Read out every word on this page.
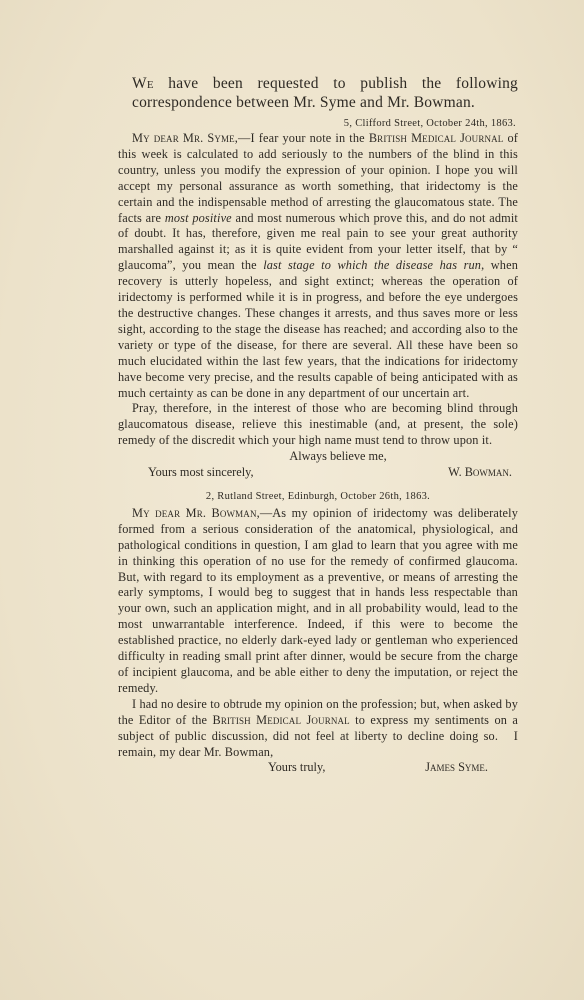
We have been requested to publish the following correspondence between Mr. Syme and Mr. Bowman.
5, Clifford Street, October 24th, 1863.

My dear Mr. Syme,—I fear your note in the British Medical Journal of this week is calculated to add seriously to the numbers of the blind in this country, unless you modify the expression of your opinion. I hope you will accept my personal assurance as worth something, that iridectomy is the certain and the indispensable method of arresting the glaucomatous state. The facts are most positive and most numerous which prove this, and do not admit of doubt. It has, therefore, given me real pain to see your great authority marshalled against it; as it is quite evident from your letter itself, that by “ glaucoma”, you mean the last stage to which the disease has run, when recovery is utterly hopeless, and sight extinct; whereas the operation of iridectomy is performed while it is in progress, and before the eye undergoes the destructive changes. These changes it arrests, and thus saves more or less sight, according to the stage the disease has reached; and according also to the variety or type of the disease, for there are several. All these have been so much elucidated within the last few years, that the indications for iridectomy have become very precise, and the results capable of being anticipated with as much certainty as can be done in any department of our uncertain art.

Pray, therefore, in the interest of those who are becoming blind through glaucomatous disease, relieve this inestimable (and, at present, the sole) remedy of the discredit which your high name must tend to throw upon it.

Always believe me,
Yours most sincerely,	W. Bowman.
2, Rutland Street, Edinburgh, October 26th, 1863.

My dear Mr. Bowman,—As my opinion of iridectomy was deliberately formed from a serious consideration of the anatomical, physiological, and pathological conditions in question, I am glad to learn that you agree with me in thinking this operation of no use for the remedy of confirmed glaucoma. But, with regard to its employment as a preventive, or means of arresting the early symptoms, I would beg to suggest that in hands less respectable than your own, such an application might, and in all probability would, lead to the most unwarrantable interference. Indeed, if this were to become the established practice, no elderly dark-eyed lady or gentleman who experienced difficulty in reading small print after dinner, would be secure from the charge of incipient glaucoma, and be able either to deny the imputation, or reject the remedy.

I had no desire to obtrude my opinion on the profession; but, when asked by the Editor of the British Medical Journal to express my sentiments on a subject of public discussion, did not feel at liberty to decline doing so. I remain, my dear Mr. Bowman,

Yours truly,	James Syme.
